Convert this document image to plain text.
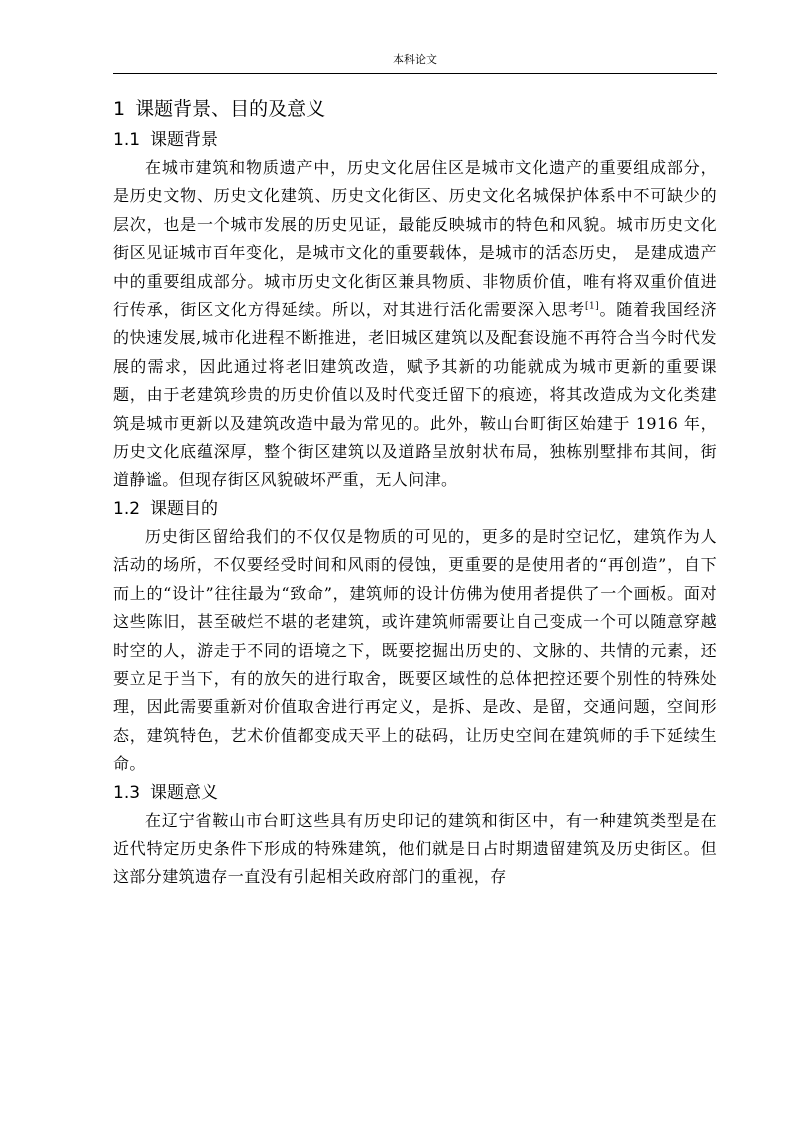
本科论文
1 课题背景、目的及意义
1.1 课题背景

在城市建筑和物质遗产中，历史文化居住区是城市文化遗产的重要组成部分，是历史文物、历史文化建筑、历史文化街区、历史文化名城保护体系中不可缺少的层次，也是一个城市发展的历史见证，最能反映城市的特色和风貌。城市历史文化街区见证城市百年变化，是城市文化的重要载体，是城市的活态历史， 是建成遗产中的重要组成部分。城市历史文化街区兼具物质、非物质价值，唯有将双重价值进行传承，街区文化方得延续。所以，对其进行活化需要深入思考[1]。随着我国经济的快速发展,城市化进程不断推进，老旧城区建筑以及配套设施不再符合当今时代发展的需求，因此通过将老旧建筑改造，赋予其新的功能就成为城市更新的重要课题，由于老建筑珍贵的历史价值以及时代变迁留下的痕迹，将其改造成为文化类建筑是城市更新以及建筑改造中最为常见的。此外，鞍山台町街区始建于 1916 年，历史文化底蕴深厚，整个街区建筑以及道路呈放射状布局，独栋别墅排布其间，街道静谧。但现存街区风貌破坏严重，无人问津。

1.2 课题目的

历史街区留给我们的不仅仅是物质的可见的，更多的是时空记忆，建筑作为人活动的场所，不仅要经受时间和风雨的侵蚀，更重要的是使用者的“再创造”，自下而上的“设计”往往最为“致命”，建筑师的设计仿佛为使用者提供了一个画板。面对这些陈旧，甚至破烂不堪的老建筑，或许建筑师需要让自己变成一个可以随意穿越时空的人，游走于不同的语境之下，既要挖掘出历史的、文脉的、共情的元素，还要立足于当下，有的放矢的进行取舍，既要区域性的总体把控还要个别性的特殊处理，因此需要重新对价值取舍进行再定义，是拆、是改、是留，交通问题，空间形态，建筑特色，艺术价值都变成天平上的砝码，让历史空间在建筑师的手下延续生命。

1.3 课题意义

在辽宁省鞍山市台町这些具有历史印记的建筑和街区中，有一种建筑类型是在近代特定历史条件下形成的特殊建筑，他们就是日占时期遗留建筑及历史街区。但这部分建筑遗存一直没有引起相关政府部门的重视，存
